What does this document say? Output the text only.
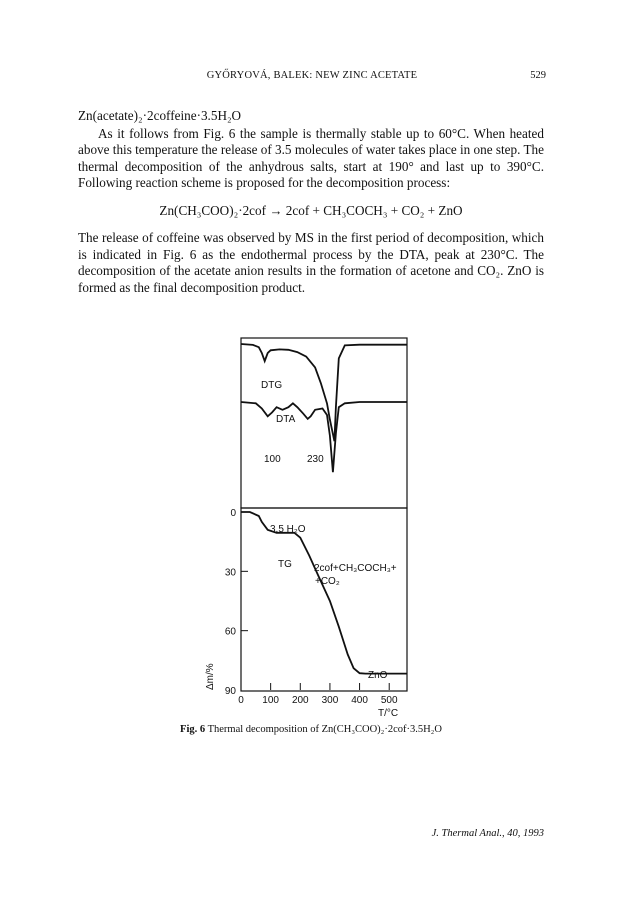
GYŐRYOVÁ, BALEK: NEW ZINC ACETATE	529

Zn(acetate)₂·2coffeine·3.5H₂O

As it follows from Fig. 6 the sample is thermally stable up to 60°C. When heated above this temperature the release of 3.5 molecules of water takes place in one step. The thermal decomposition of the anhydrous salts, start at 190° and last up to 390°C. Following reaction scheme is proposed for the decomposition process:

Zn(CH₃COO)₂·2cof → 2cof + CH₃COCH₃ + CO₂ + ZnO

The release of coffeine was observed by MS in the first period of decomposition, which is indicated in Fig. 6 as the endothermal process by the DTA, peak at 230°C. The decomposition of the acetate anion results in the formation of acetone and CO₂. ZnO is formed as the final decomposition product.

DTG
DTA
100	230
0 100 200 300 400 500
0
30
60
90
3.5 H₂O
TG 2cof+CH₃COCH₃+
+CO₂
ZnO
Δm/%
T/°C
Fig. 6 Thermal decomposition of Zn(CH₃COO)₂·2cof·3.5H₂O
J. Thermal Anal., 40, 1993
